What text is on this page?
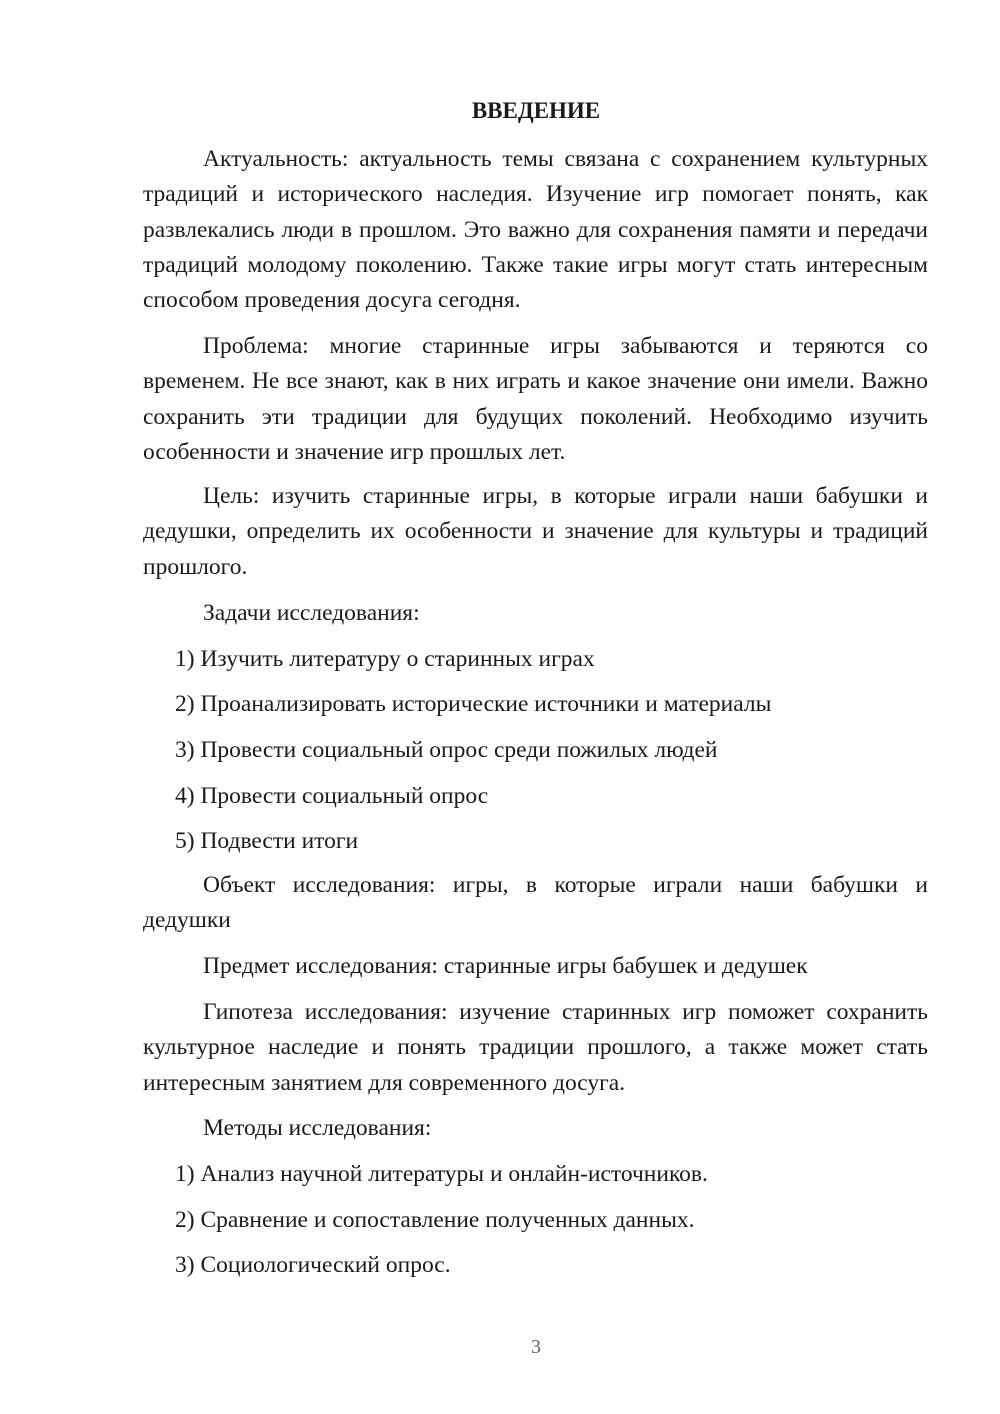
ВВЕДЕНИЕ

Актуальность: актуальность темы связана с сохранением культурных традиций и исторического наследия. Изучение игр помогает понять, как развлекались люди в прошлом. Это важно для сохранения памяти и передачи традиций молодому поколению. Также такие игры могут стать интересным способом проведения досуга сегодня.

Проблема: многие старинные игры забываются и теряются со временем. Не все знают, как в них играть и какое значение они имели. Важно сохранить эти традиции для будущих поколений. Необходимо изучить особенности и значение игр прошлых лет.

Цель: изучить старинные игры, в которые играли наши бабушки и дедушки, определить их особенности и значение для культуры и традиций прошлого.

Задачи исследования:

1) Изучить литературу о старинных играх

2) Проанализировать исторические источники и материалы

3) Провести социальный опрос среди пожилых людей

4) Провести социальный опрос

5) Подвести итоги

Объект исследования: игры, в которые играли наши бабушки и дедушки

Предмет исследования: старинные игры бабушек и дедушек

Гипотеза исследования: изучение старинных игр поможет сохранить культурное наследие и понять традиции прошлого, а также может стать интересным занятием для современного досуга.

Методы исследования:

1) Анализ научной литературы и онлайн-источников.

2) Сравнение и сопоставление полученных данных.

3) Социологический опрос.

3
